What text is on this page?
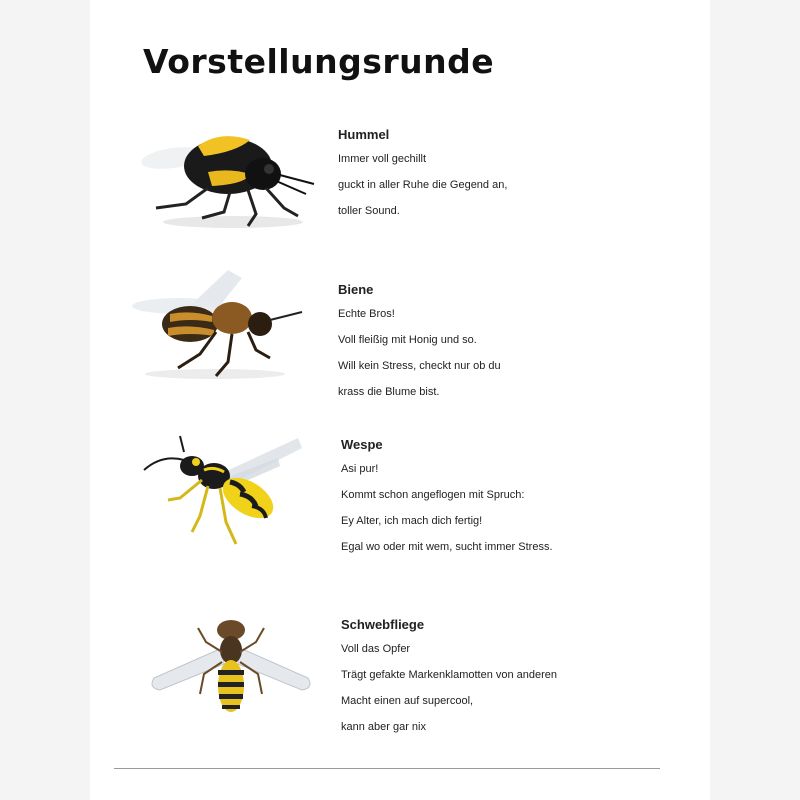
Vorstellungsrunde
Hummel
Immer voll gechillt
guckt in aller Ruhe die Gegend an,
toller Sound.
Biene
Echte Bros!
Voll fleißig mit Honig und so.
Will kein Stress, checkt nur ob du
krass die Blume bist.
Wespe
Asi pur!
Kommt schon angeflogen mit Spruch:
Ey Alter, ich mach dich fertig!
Egal wo oder mit wem, sucht immer Stress.
Schwebfliege
Voll das Opfer
Trägt gefakte Markenklamotten von anderen
Macht einen auf supercool,
kann aber gar nix
